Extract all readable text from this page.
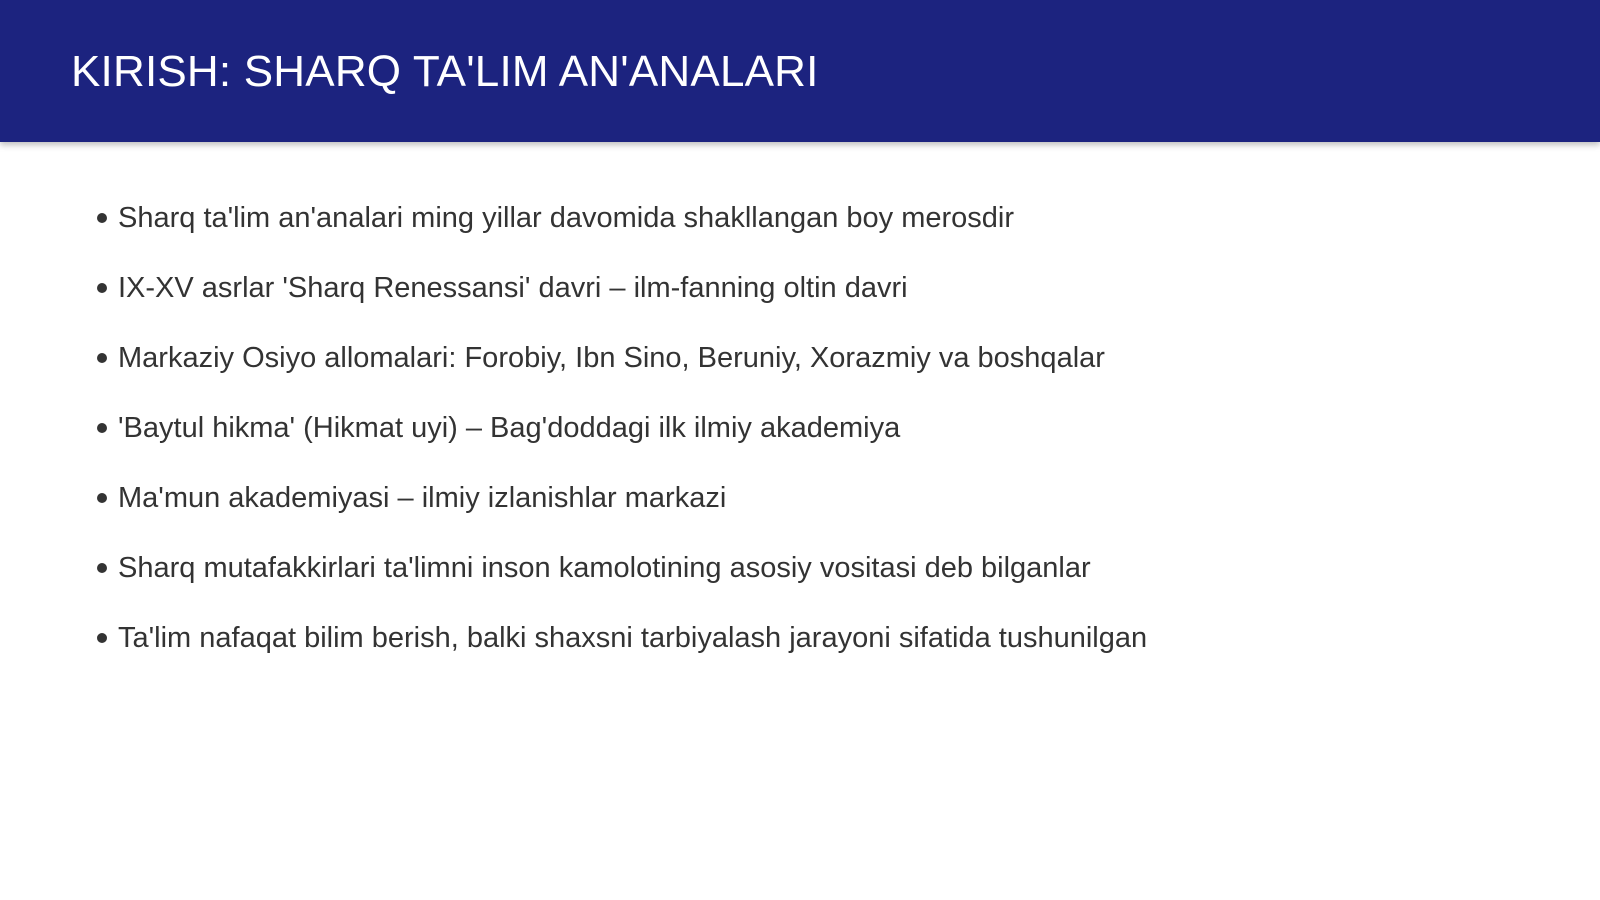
KIRISH: SHARQ TA'LIM AN'ANALARI
Sharq ta'lim an'analari ming yillar davomida shakllangan boy merosdir
IX-XV asrlar 'Sharq Renessansi' davri – ilm-fanning oltin davri
Markaziy Osiyo allomalari: Forobiy, Ibn Sino, Beruniy, Xorazmiy va boshqalar
'Baytul hikma' (Hikmat uyi) – Bag'doddagi ilk ilmiy akademiya
Ma'mun akademiyasi – ilmiy izlanishlar markazi
Sharq mutafakkirlari ta'limni inson kamolotining asosiy vositasi deb bilganlar
Ta'lim nafaqat bilim berish, balki shaxsni tarbiyalash jarayoni sifatida tushunilgan
